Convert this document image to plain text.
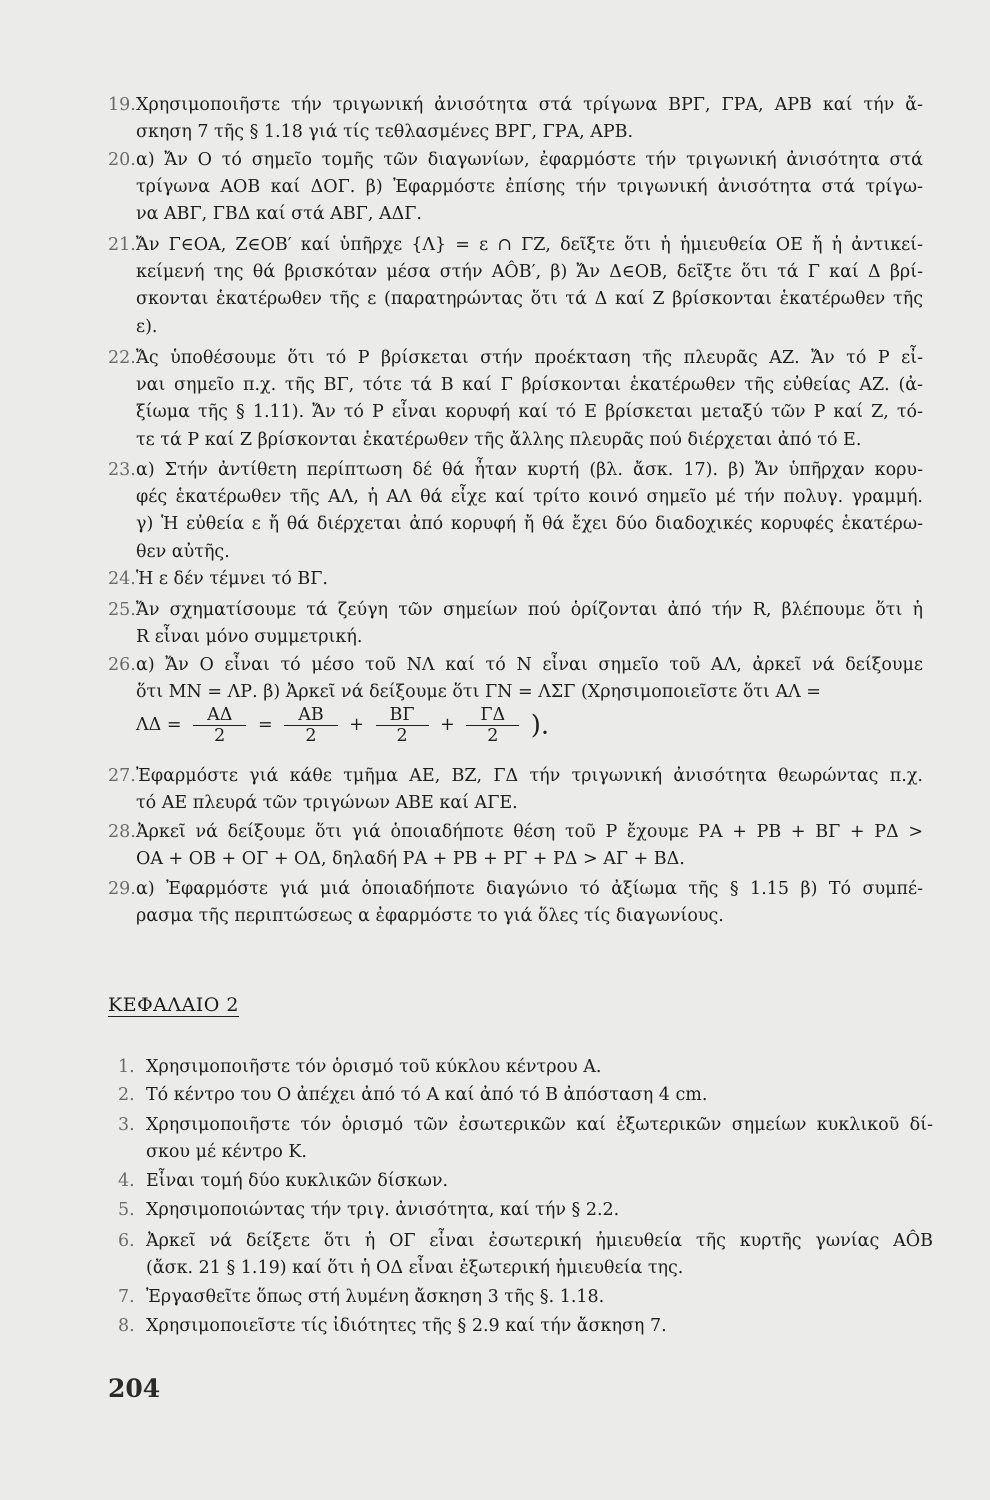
19. Χρησιμοποιῆστε τήν τριγωνική ἀνισότητα στά τρίγωνα ΒΡΓ, ΓΡΑ, ΑΡΒ καί τήν ἄ-
σκηση 7 τῆς § 1.18 γιά τίς τεθλασμένες ΒΡΓ, ΓΡΑ, ΑΡΒ.
20. α) Ἄν Ο τό σημεῖο τομῆς τῶν διαγωνίων, ἐφαρμόστε τήν τριγωνική ἀνισότητα στά
τρίγωνα ΑΟΒ καί ΔΟΓ. β) Ἐφαρμόστε ἐπίσης τήν τριγωνική ἀνισότητα στά τρίγω-
να ΑΒΓ, ΓΒΔ καί στά ΑΒΓ, ΑΔΓ.
21. Ἄν Γ∈ΟΑ, Ζ∈ΟΒ′ καί ὑπῆρχε {Λ} = ε ∩ ΓΖ, δεῖξτε ὅτι ἡ ἡμιευθεία ΟΕ ἤ ἡ ἀντικεί-
κείμενή της θά βρισκόταν μέσα στήν ΑÔΒ′, β) Ἄν Δ∈ΟΒ, δεῖξτε ὅτι τά Γ καί Δ βρί-
σκονται ἑκατέρωθεν τῆς ε (παρατηρώντας ὅτι τά Δ καί Ζ βρίσκονται ἑκατέρωθεν τῆς
ε).
22. Ἄς ὑποθέσουμε ὅτι τό Ρ βρίσκεται στήν προέκταση τῆς πλευρᾶς ΑΖ. Ἄν τό Ρ εἶ-
ναι σημεῖο π.χ. τῆς ΒΓ, τότε τά Β καί Γ βρίσκονται ἑκατέρωθεν τῆς εὐθείας ΑΖ. (ἀ-
ξίωμα τῆς § 1.11). Ἄν τό Ρ εἶναι κορυφή καί τό Ε βρίσκεται μεταξύ τῶν Ρ καί Ζ, τό-
τε τά Ρ καί Ζ βρίσκονται ἑκατέρωθεν τῆς ἄλλης πλευρᾶς πού διέρχεται ἀπό τό Ε.
23. α) Στήν ἀντίθετη περίπτωση δέ θά ἦταν κυρτή (βλ. ἄσκ. 17). β) Ἄν ὑπῆρχαν κορυ-
φές ἑκατέρωθεν τῆς ΑΛ, ἡ ΑΛ θά εἶχε καί τρίτο κοινό σημεῖο μέ τήν πολυγ. γραμμή.
γ) Ἡ εὐθεία ε ἤ θά διέρχεται ἀπό κορυφή ἤ θά ἔχει δύο διαδοχικές κορυφές ἑκατέρω-
θεν αὐτῆς.
24. Ἡ ε δέν τέμνει τό ΒΓ.
25. Ἄν σχηματίσουμε τά ζεύγη τῶν σημείων πού ὁρίζονται ἀπό τήν R, βλέπουμε ὅτι ἡ
R εἶναι μόνο συμμετρική.
26. α) Ἄν Ο εἶναι τό μέσο τοῦ ΝΛ καί τό Ν εἶναι σημεῖο τοῦ ΑΛ, ἀρκεῖ νά δείξουμε
ὅτι ΜΝ = ΛΡ. β) Ἀρκεῖ νά δείξουμε ὅτι ΓΝ = ΛΣΓ (Χρησιμοποιεῖστε ὅτι ΑΛ =
$\Lambda\Delta = \frac{A\Delta}{2} = \frac{AB}{2} + \frac{B\Gamma}{2} + \frac{\Gamma\Delta}{2}$ ).
27. Ἐφαρμόστε γιά κάθε τμῆμα ΑΕ, ΒΖ, ΓΔ τήν τριγωνική ἀνισότητα θεωρώντας π.χ.
τό ΑΕ πλευρά τῶν τριγώνων ΑΒΕ καί ΑΓΕ.
28. Ἀρκεῖ νά δείξουμε ὅτι γιά ὁποιαδήποτε θέση τοῦ Ρ ἔχουμε ΡΑ + ΡΒ + ΒΓ + ΡΔ >
ΟΑ + ΟΒ + ΟΓ + ΟΔ, δηλαδή ΡΑ + ΡΒ + ΡΓ + ΡΔ > ΑΓ + ΒΔ.
29. α) Ἐφαρμόστε γιά μιά ὁποιαδήποτε διαγώνιο τό ἀξίωμα τῆς § 1.15 β) Τό συμπέ-
ρασμα τῆς περιπτώσεως α ἐφαρμόστε το γιά ὅλες τίς διαγωνίους.
ΚΕΦΑΛΑΙΟ 2
1. Χρησιμοποιῆστε τόν ὁρισμό τοῦ κύκλου κέντρου Α.
2. Τό κέντρο του Ο ἀπέχει ἀπό τό Α καί ἀπό τό Β ἀπόσταση 4 cm.
3. Χρησιμοποιῆστε τόν ὁρισμό τῶν ἐσωτερικῶν καί ἐξωτερικῶν σημείων κυκλικοῦ δί-
σκου μέ κέντρο Κ.
4. Εἶναι τομή δύο κυκλικῶν δίσκων.
5. Χρησιμοποιώντας τήν τριγ. ἀνισότητα, καί τήν § 2.2.
6. Ἀρκεῖ νά δείξετε ὅτι ἡ ΟΓ εἶναι ἐσωτερική ἡμιευθεία τῆς κυρτῆς γωνίας ΑÔΒ
(ἄσκ. 21 § 1.19) καί ὅτι ἡ ΟΔ εἶναι ἐξωτερική ἡμιευθεία της.
7. Ἐργασθεῖτε ὅπως στή λυμένη ἄσκηση 3 τῆς §. 1.18.
8. Χρησιμοποιεῖστε τίς ἰδιότητες τῆς § 2.9 καί τήν ἄσκηση 7.
204
